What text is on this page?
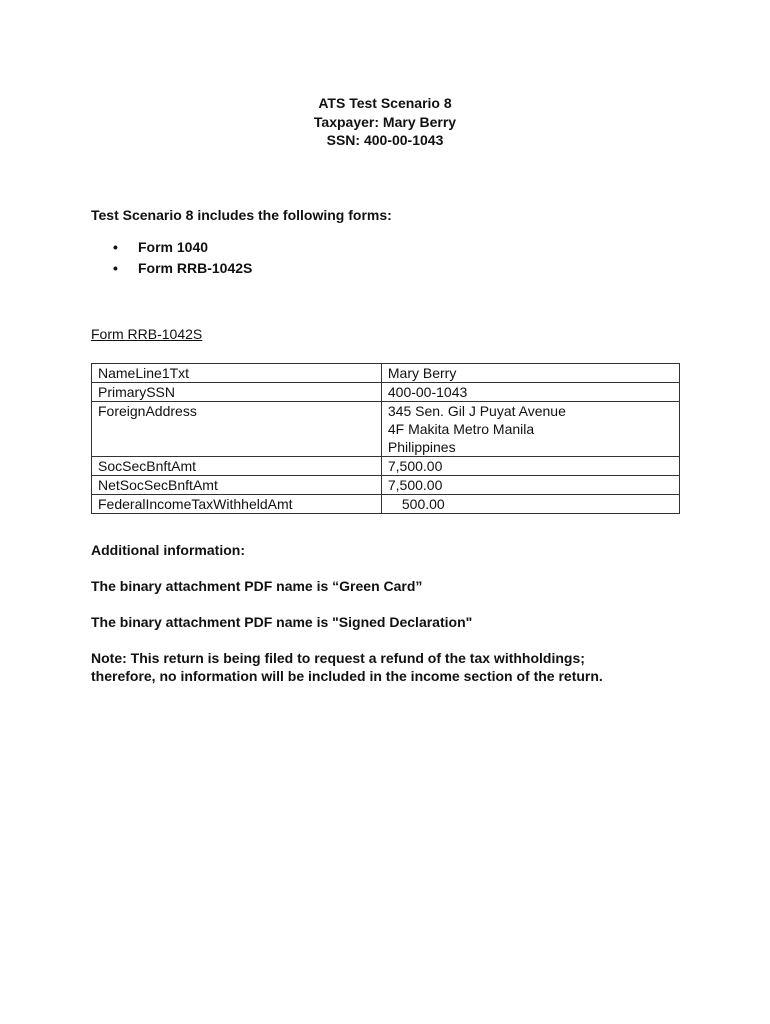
ATS Test Scenario 8
Taxpayer: Mary Berry
SSN: 400-00-1043
Test Scenario 8 includes the following forms:
• Form 1040
• Form RRB-1042S
Form RRB-1042S
NameLine1Txt	Mary Berry
PrimarySSN	400-00-1043
ForeignAddress	345 Sen. Gil J Puyat Avenue
4F Makita Metro Manila
Philippines

SocSecBnftAmt	7,500.00
NetSocSecBnftAmt	7,500.00
FederalIncomeTaxWithheldAmt	500.00
Additional information:
The binary attachment PDF name is “Green Card”
The binary attachment PDF name is "Signed Declaration"
Note: This return is being filed to request a refund of the tax withholdings;
therefore, no information will be included in the income section of the return.
